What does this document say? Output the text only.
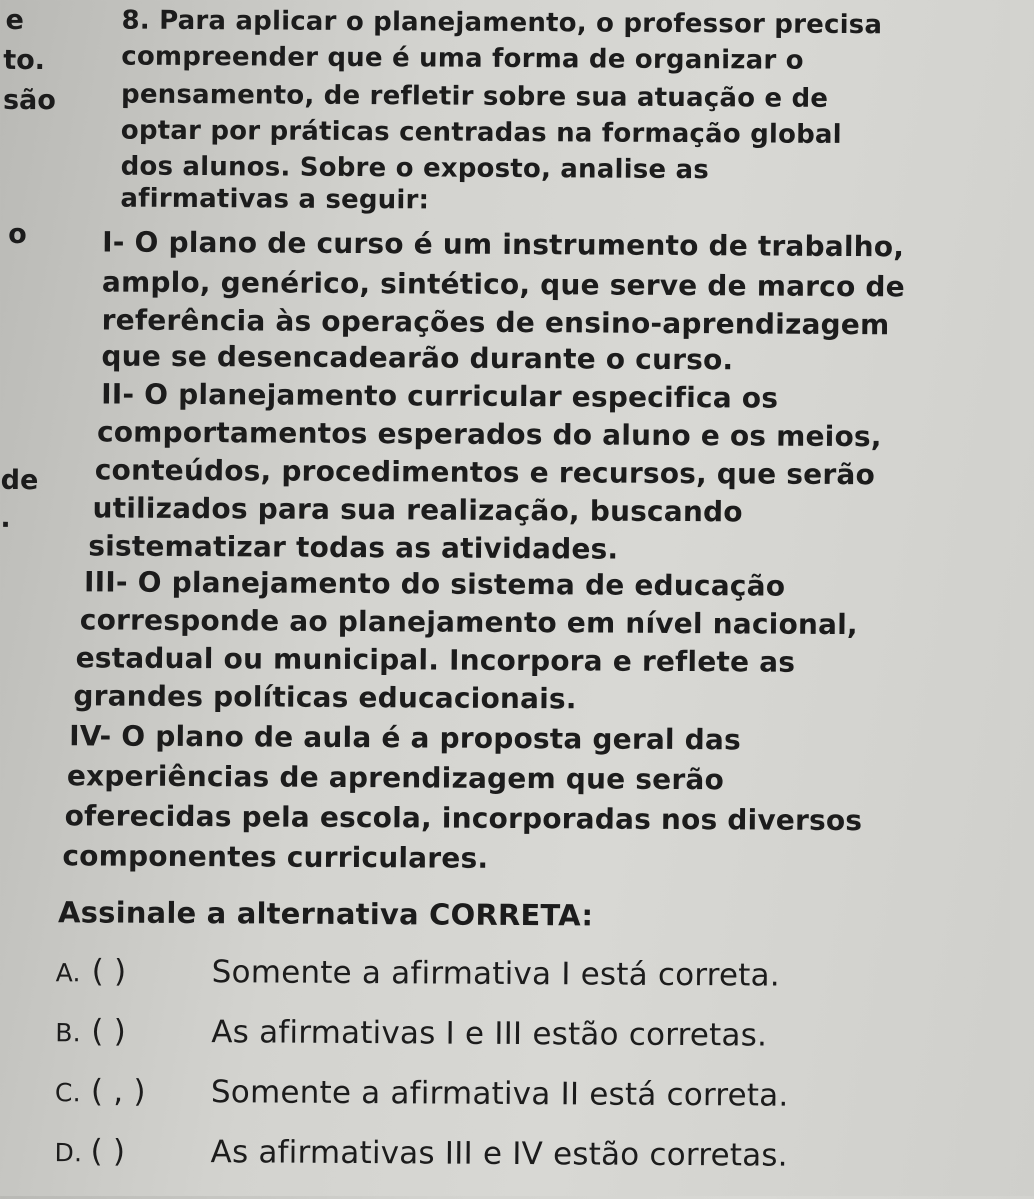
e
to.
são
o
de
.

8. Para aplicar o planejamento, o professor precisa

compreender que é uma forma de organizar o

pensamento, de refletir sobre sua atuação e de

optar por práticas centradas na formação global

dos alunos. Sobre o exposto, analise as

afirmativas a seguir:

I- O plano de curso é um instrumento de trabalho,

amplo, genérico, sintético, que serve de marco de

referência às operações de ensino-aprendizagem

que se desencadearão durante o curso.

II- O planejamento curricular especifica os

comportamentos esperados do aluno e os meios,

conteúdos, procedimentos e recursos, que serão

utilizados para sua realização, buscando

sistematizar todas as atividades.

III- O planejamento do sistema de educação

corresponde ao planejamento em nível nacional,

estadual ou municipal. Incorpora e reflete as

grandes políticas educacionais.

IV- O plano de aula é a proposta geral das

experiências de aprendizagem que serão

oferecidas pela escola, incorporadas nos diversos

componentes curriculares.

Assinale a alternativa CORRETA:

A. ( )	Somente a afirmativa I está correta.
B. ( )	As afirmativas I e III estão corretas.
C. ( , ) Somente a afirmativa II está correta.
D. ( )	As afirmativas III e IV estão corretas.
